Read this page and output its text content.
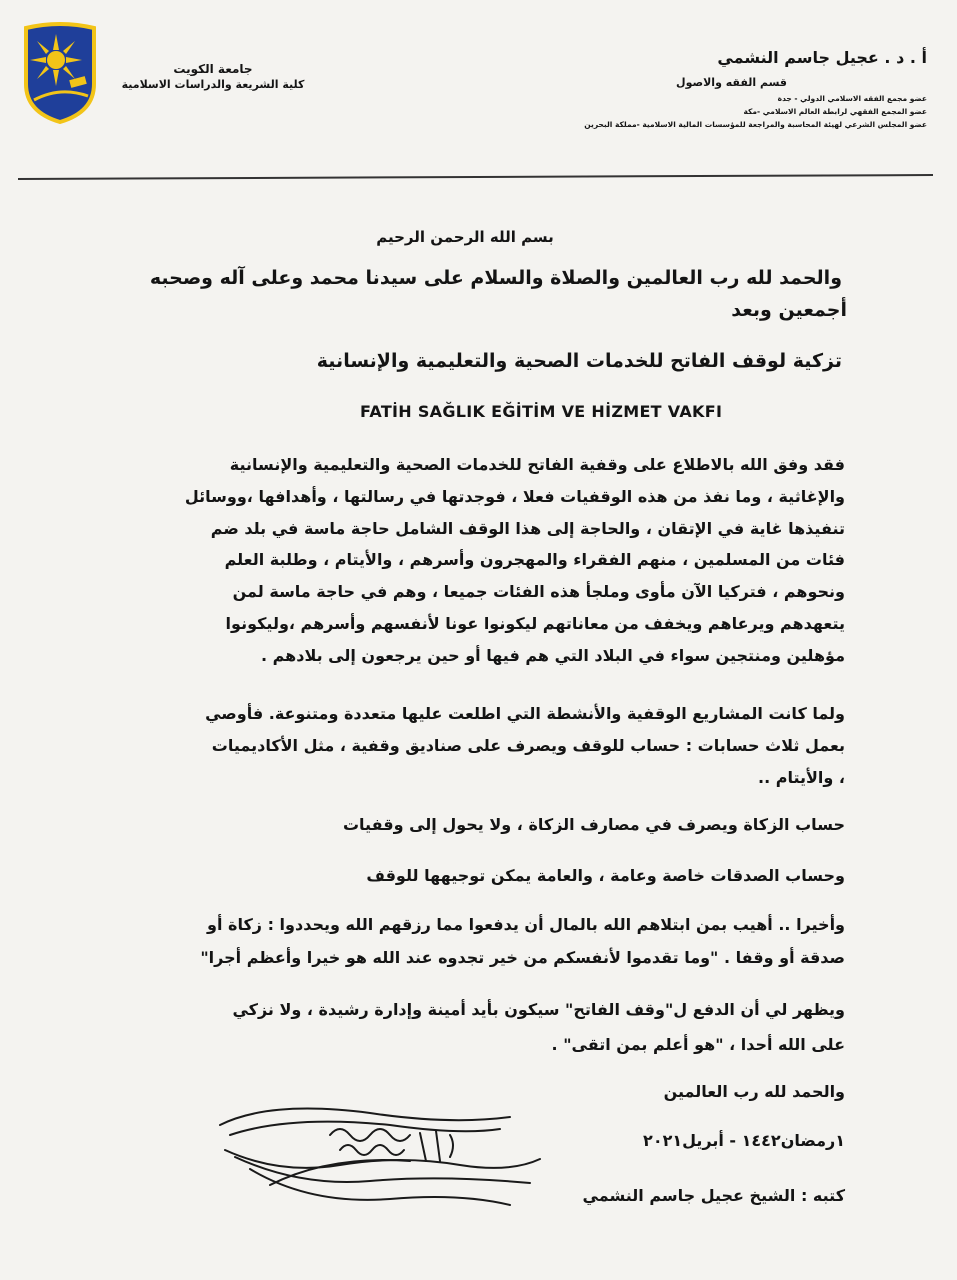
جامعة الكويت
كلية الشريعة والدراسات الاسلامية
أ . د . عجيل جاسم النشمي
قسم الفقه والاصول
عضو مجمع الفقه الاسلامي الدولي - جدة
عضو المجمع الفقهي لرابطة العالم الاسلامي -مكة
عضو المجلس الشرعي لهيئة المحاسبة والمراجعة للمؤسسات المالية الاسلامية -مملكة البحرين
بسم الله الرحمن الرحيم
والحمد لله رب العالمين والصلاة والسلام على سيدنا محمد وعلى آله وصحبه
أجمعين وبعد
تزكية لوقف الفاتح للخدمات الصحية والتعليمية والإنسانية
FATİH SAĞLIK EĞİTİM VE HİZMET VAKFI
فقد وفق الله بالاطلاع على وقفية الفاتح للخدمات الصحية والتعليمية والإنسانية
والإغاثية ، وما نفذ من هذه الوقفيات فعلا ، فوجدتها في رسالتها ، وأهدافها ،ووسائل
تنفيذها غاية في الإتقان ، والحاجة إلى هذا الوقف الشامل حاجة ماسة في بلد ضم
فئات من المسلمين ، منهم الفقراء والمهجرون وأسرهم ، والأيتام ، وطلبة العلم
ونحوهم ، فتركيا الآن مأوى وملجأ هذه الفئات جميعا ، وهم في حاجة ماسة لمن
يتعهدهم ويرعاهم ويخفف من معاناتهم ليكونوا عونا لأنفسهم وأسرهم ،وليكونوا
مؤهلين ومنتجين سواء في البلاد التي هم فيها أو حين يرجعون إلى بلادهم .
ولما كانت المشاريع الوقفية والأنشطة التي اطلعت عليها متعددة ومتنوعة. فأوصي
بعمل ثلاث حسابات : حساب للوقف ويصرف على صناديق وقفية ، مثل الأكاديميات
، والأيتام ..
حساب الزكاة ويصرف في مصارف الزكاة ، ولا يحول إلى وقفيات
وحساب الصدقات خاصة وعامة ، والعامة يمكن توجيهها للوقف
وأخيرا .. أهيب بمن ابتلاهم الله بالمال أن يدفعوا مما رزقهم الله ويحددوا : زكاة أو
صدقة أو وقفا . "وما تقدموا لأنفسكم من خير تجدوه عند الله هو خيرا وأعظم أجرا"
ويظهر لي أن الدفع ل"وقف الفاتح" سيكون بأيد أمينة وإدارة رشيدة ، ولا نزكي
على الله أحدا ، "هو أعلم بمن اتقى" .
والحمد لله رب العالمين
١رمضان١٤٤٢ - أبريل٢٠٢١
كتبه : الشيخ عجيل جاسم النشمي
